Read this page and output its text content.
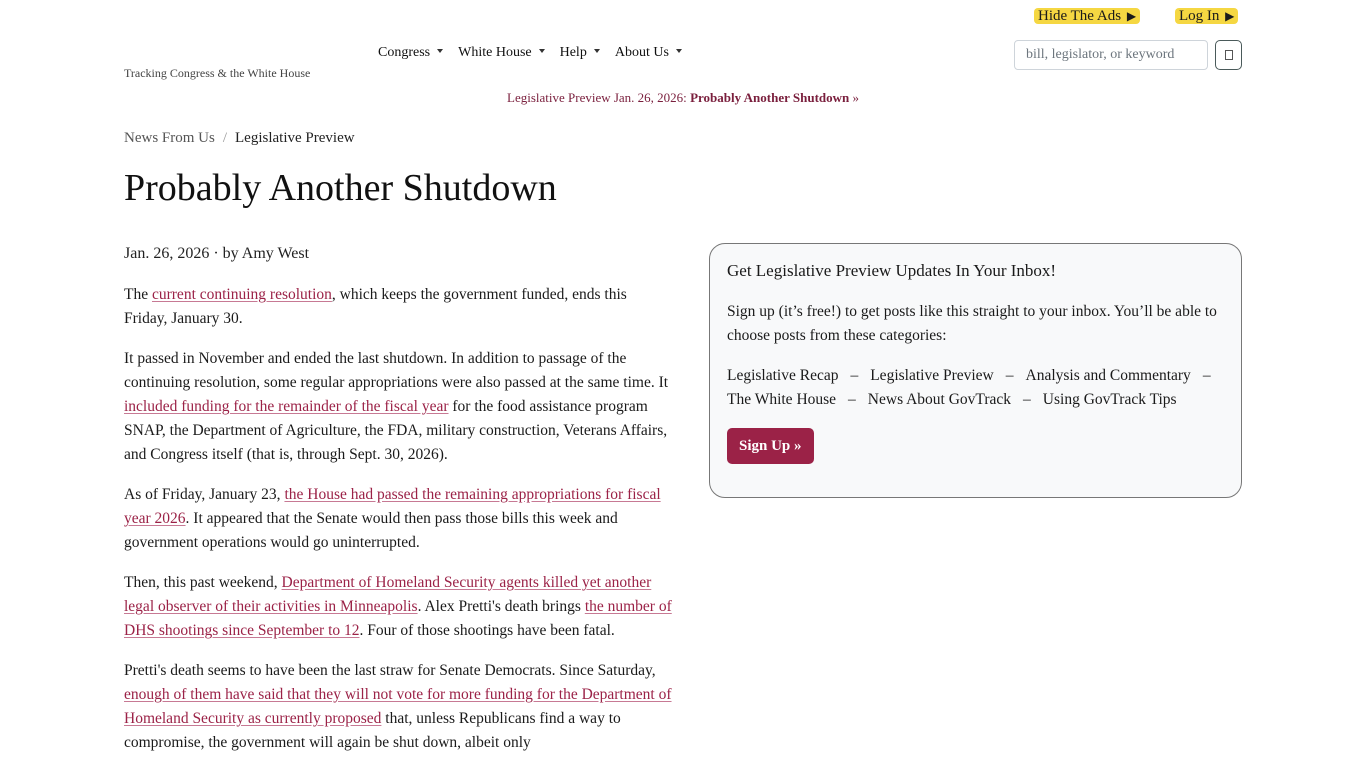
Hide The Ads ▶	Log In ▶
Tracking Congress & the White House
Congress White House Help About Us
bill, legislator, or keyword
Legislative Preview Jan. 26, 2026: Probably Another Shutdown »
News From Us / Legislative Preview
Probably Another Shutdown
Jan. 26, 2026 · by Amy West

The current continuing resolution, which keeps the government funded, ends this Friday, January 30.

It passed in November and ended the last shutdown. In addition to passage of the continuing resolution, some regular appropriations were also passed at the same time. It included funding for the remainder of the fiscal year for the food assistance program SNAP, the Department of Agriculture, the FDA, military construction, Veterans Affairs, and Congress itself (that is, through Sept. 30, 2026).

As of Friday, January 23, the House had passed the remaining appropriations for fiscal year 2026. It appeared that the Senate would then pass those bills this week and government operations would go uninterrupted.

Then, this past weekend, Department of Homeland Security agents killed yet another legal observer of their activities in Minneapolis. Alex Pretti's death brings the number of DHS shootings since September to 12. Four of those shootings have been fatal.

Pretti's death seems to have been the last straw for Senate Democrats. Since Saturday, enough of them have said that they will not vote for more funding for the Department of Homeland Security as currently proposed that, unless Republicans find a way to compromise, the government will again be shut down, albeit only

Get Legislative Preview Updates In Your Inbox!

Sign up (it’s free!) to get posts like this straight to your inbox. You’ll be able to choose posts from these categories:

Legislative Recap – Legislative Preview – Analysis and Commentary – The White House – News About GovTrack – Using GovTrack Tips
Sign Up »
